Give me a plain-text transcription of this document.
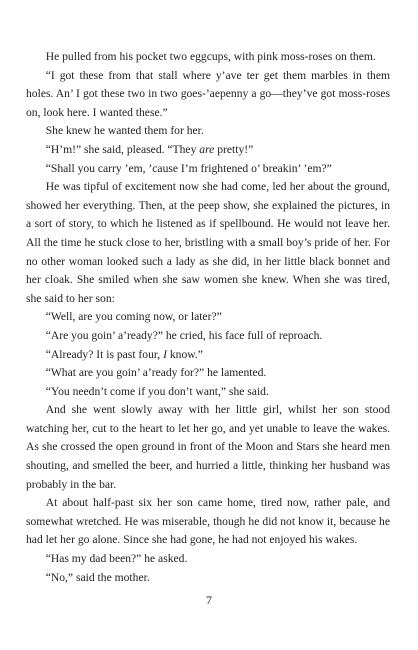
He pulled from his pocket two eggcups, with pink moss-roses on them.

“I got these from that stall where y’ave ter get them marbles in them holes. An’ I got these two in two goes-’aepenny a go—they’ve got moss-roses on, look here. I wanted these.”

She knew he wanted them for her.

“H’m!” she said, pleased. “They are pretty!”

“Shall you carry ’em, ’cause I’m frightened o’ breakin’ ’em?”

He was tipful of excitement now she had come, led her about the ground, showed her everything. Then, at the peep show, she explained the pictures, in a sort of story, to which he listened as if spellbound. He would not leave her. All the time he stuck close to her, bristling with a small boy’s pride of her. For no other woman looked such a lady as she did, in her little black bonnet and her cloak. She smiled when she saw women she knew. When she was tired, she said to her son:

“Well, are you coming now, or later?”

“Are you goin’ a’ready?” he cried, his face full of reproach.

“Already? It is past four, I know.”

“What are you goin’ a’ready for?” he lamented.

“You needn’t come if you don’t want,” she said.

And she went slowly away with her little girl, whilst her son stood watching her, cut to the heart to let her go, and yet unable to leave the wakes. As she crossed the open ground in front of the Moon and Stars she heard men shouting, and smelled the beer, and hurried a little, thinking her husband was probably in the bar.

At about half-past six her son came home, tired now, rather pale, and somewhat wretched. He was miserable, though he did not know it, because he had let her go alone. Since she had gone, he had not enjoyed his wakes.

“Has my dad been?” he asked.

“No,” said the mother.

7
